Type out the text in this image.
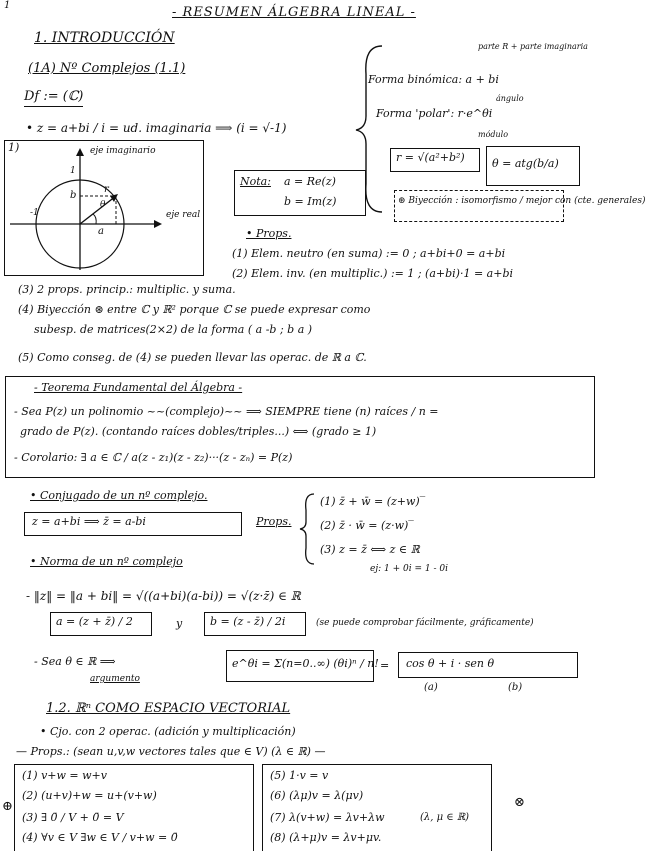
1	- RESUMEN ÁLGEBRA LINEAL -
1. INTRODUCCIÓN
(1A) Nº Complejos (1.1)
Df := (ℂ)
• z = a+bi / i = ud. imaginaria ⟹ (i = √-1)
parte R + parte imaginaria
Forma binómica: a + bi
ángulo
Forma 'polar': r·e^θi
módulo
r = √(a²+b²) θ = atg(b/a)
⊛ Biyección : isomorfismo / mejor con (cte. generales)
1)	eje imaginario
eje real
1
-1
r
b
θ
a
Nota: a = Re(z)
b = Im(z)
• Props.
(1) Elem. neutro (en suma) := 0 ; a+bi+0 = a+bi
(2) Elem. inv. (en multiplic.) := 1 ; (a+bi)·1 = a+bi
(3) 2 props. princip.: multiplic. y suma.
(4) Biyección ⊛ entre ℂ y ℝ² porque ℂ se puede expresar como
subesp. de matrices(2×2) de la forma ( a -b ; b a )
(5) Como conseg. de (4) se pueden llevar las operac. de ℝ a ℂ.
- Teorema Fundamental del Álgebra -
- Sea P(z) un polinomio ~~(complejo)~~ ⟹ SIEMPRE tiene (n) raíces / n =
grado de P(z). (contando raíces dobles/triples...) ⟺ (grado ≥ 1)
- Corolario: ∃ a ∈ ℂ / a(z - z₁)(z - z₂)···(z - zₙ) = P(z)
• Conjugado de un nº complejo.
z = a+bi ⟹ z̄ = a-bi	Props.
(1) z̄ + w̄ = (z+w)‾
(2) z̄ · w̄ = (z·w)‾
(3) z = z̄ ⟺ z ∈ ℝ
ej: 1 + 0i = 1 - 0i
• Norma de un nº complejo
- ‖z‖ = ‖a + bi‖ = √((a+bi)(a-bi)) = √(z·z̄) ∈ ℝ
a = (z + z̄) / 2	y	b = (z - z̄) / 2i	(se puede comprobar fácilmente, gráficamente)
- Sea θ ∈ ℝ ⟹
argumento
e^θi = Σ(n=0..∞) (θi)ⁿ / n! = cos θ + i · sen θ
(a)	(b)
1.2. ℝⁿ COMO ESPACIO VECTORIAL
• Cjo. con 2 operac. (adición y multiplicación)
— Props.: (sean u,v,w vectores tales que ∈ V) (λ ∈ ℝ) —
(1) v+w = w+v
(2) (u+v)+w = u+(v+w)
(3) ∃ 0̄ / V + 0̄ = V
(4) ∀v ∈ V ∃w ∈ V / v+w = 0̄
⊕
(5) 1·v = v
(6) (λμ)v = λ(μv)
(7) λ(v+w) = λv+λw
(8) (λ+μ)v = λv+μv.
(λ, μ ∈ ℝ)
⊗
